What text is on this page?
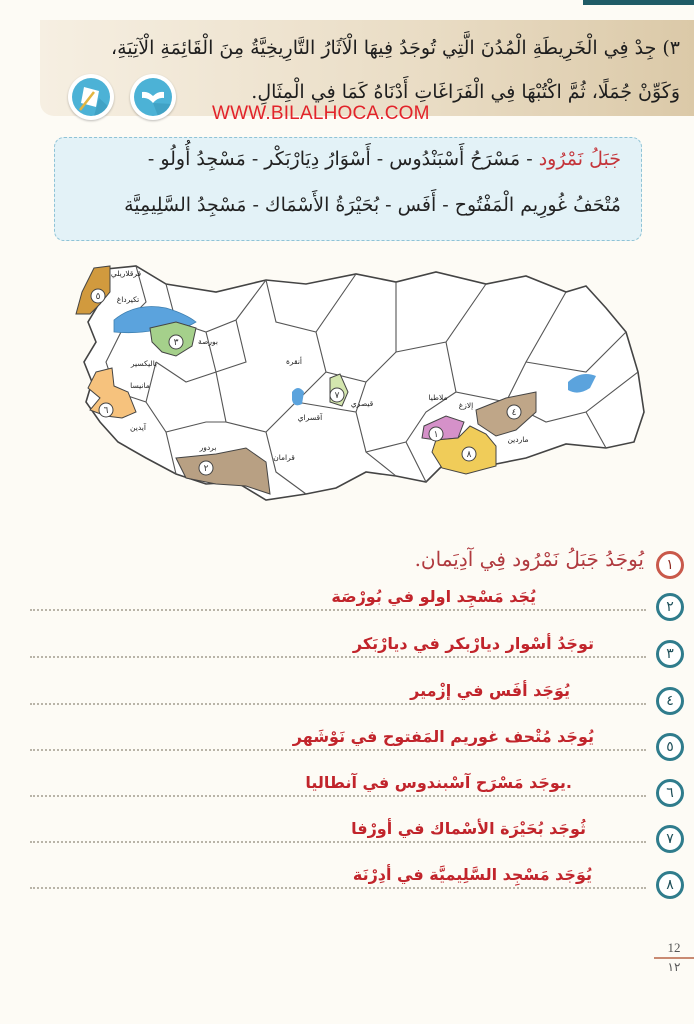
٣) جِدْ فِي الْخَرِيطَةِ الْمُدُنَ الَّتِي تُوجَدُ فِيهَا الْآثَارُ التَّارِيخِيَّةُ مِنَ الْقَائِمَةِ الْآتِيَةِ،
وَكَوِّنْ جُمَلًا، ثُمَّ اكْتُبْهَا فِي الْفَرَاغَاتِ أَدْنَاهُ كَمَا فِي الْمِثَالِ.
WWW.BILALHOCA.COM
جَبَلُ نَمْرُود - مَسْرَحُ أَسْبَنْدُوس - أَسْوَارُ دِيَارْبَكْر - مَسْجِدُ أُولُو -
مُتْحَفُ غُورِيم الْمَفْتُوح - أَفَس - بُحَيْرَةُ الأَسْمَاك - مَسْجِدُ السَّلِيمِيَّة
٥
٣
٦
٧
٢
٤
١
٨
قرقلاريلي
تكيرداغ
بورصة
باليكسير
مانيسا
آيدين
بردور
أنقرة
آقسراي
قيصري
قرامان
ملاطيا
إلازغ
ماردين
١
يُوجَدُ جَبَلُ نَمْرُود فِي آدِيَمان.
٢
يُجَد مَسْجِد اولو في بُورْصَة
٣
توجَدُ أسْوار ديارْبكر في ديارْبَكر
٤
يُوَجَد أفَس في إزْمير
٥
يُوجَد مُتْحف غوريم المَفتوح في نَوْشَهر
٦
.يوجَد مَسْرَح آسْبندوس في آنطاليا
٧
ثُوجَد بُحَيْرَة الأسْماك في أورْفا
٨
يُوَجَد مَسْجِد السَّلِيميَّة في أدِرْنَة
12
١٢
